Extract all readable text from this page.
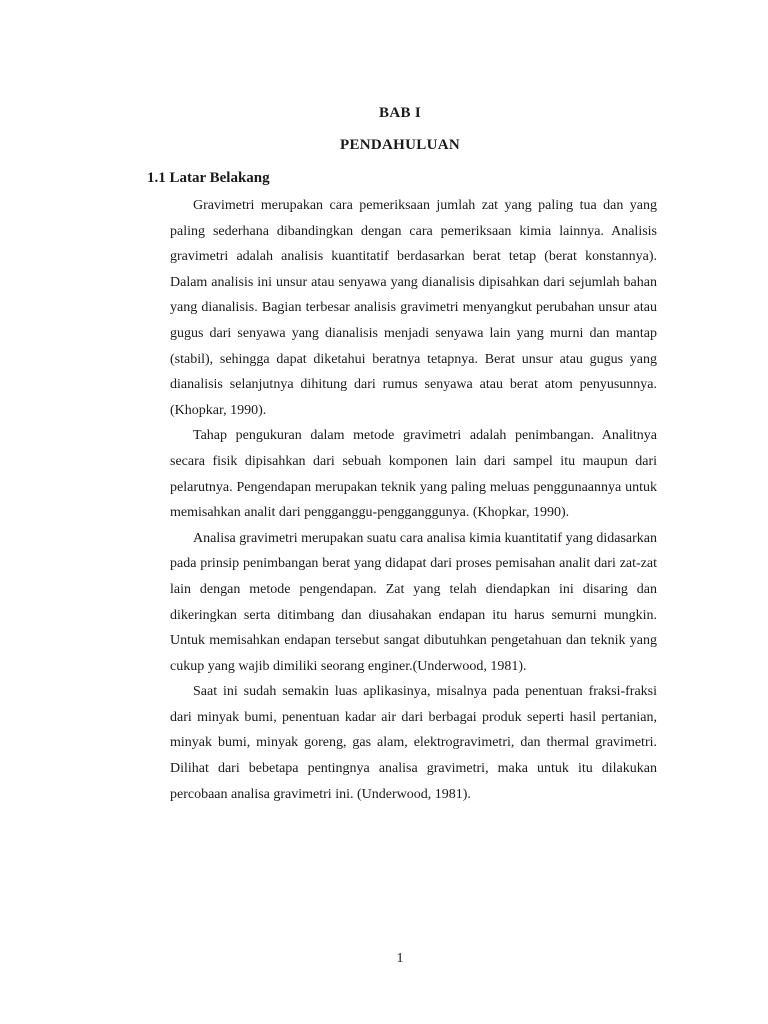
BAB I
PENDAHULUAN
1.1 Latar Belakang

Gravimetri merupakan cara pemeriksaan jumlah zat yang paling tua dan yang paling sederhana dibandingkan dengan cara pemeriksaan kimia lainnya. Analisis gravimetri adalah analisis kuantitatif berdasarkan berat tetap (berat konstannya). Dalam analisis ini unsur atau senyawa yang dianalisis dipisahkan dari sejumlah bahan yang dianalisis. Bagian terbesar analisis gravimetri menyangkut perubahan unsur atau gugus dari senyawa yang dianalisis menjadi senyawa lain yang murni dan mantap (stabil), sehingga dapat diketahui beratnya tetapnya. Berat unsur atau gugus yang dianalisis selanjutnya dihitung dari rumus senyawa atau berat atom penyusunnya. (Khopkar, 1990).

Tahap pengukuran dalam metode gravimetri adalah penimbangan. Analitnya secara fisik dipisahkan dari sebuah komponen lain dari sampel itu maupun dari pelarutnya. Pengendapan merupakan teknik yang paling meluas penggunaannya untuk memisahkan analit dari pengganggu-pengganggunya. (Khopkar, 1990).

Analisa gravimetri merupakan suatu cara analisa kimia kuantitatif yang didasarkan pada prinsip penimbangan berat yang didapat dari proses pemisahan analit dari zat-zat lain dengan metode pengendapan. Zat yang telah diendapkan ini disaring dan dikeringkan serta ditimbang dan diusahakan endapan itu harus semurni mungkin. Untuk memisahkan endapan tersebut sangat dibutuhkan pengetahuan dan teknik yang cukup yang wajib dimiliki seorang enginer.(Underwood, 1981).

Saat ini sudah semakin luas aplikasinya, misalnya pada penentuan fraksi-fraksi dari minyak bumi, penentuan kadar air dari berbagai produk seperti hasil pertanian, minyak bumi, minyak goreng, gas alam, elektrogravimetri, dan thermal gravimetri. Dilihat dari bebetapa pentingnya analisa gravimetri, maka untuk itu dilakukan percobaan analisa gravimetri ini. (Underwood, 1981).

1
